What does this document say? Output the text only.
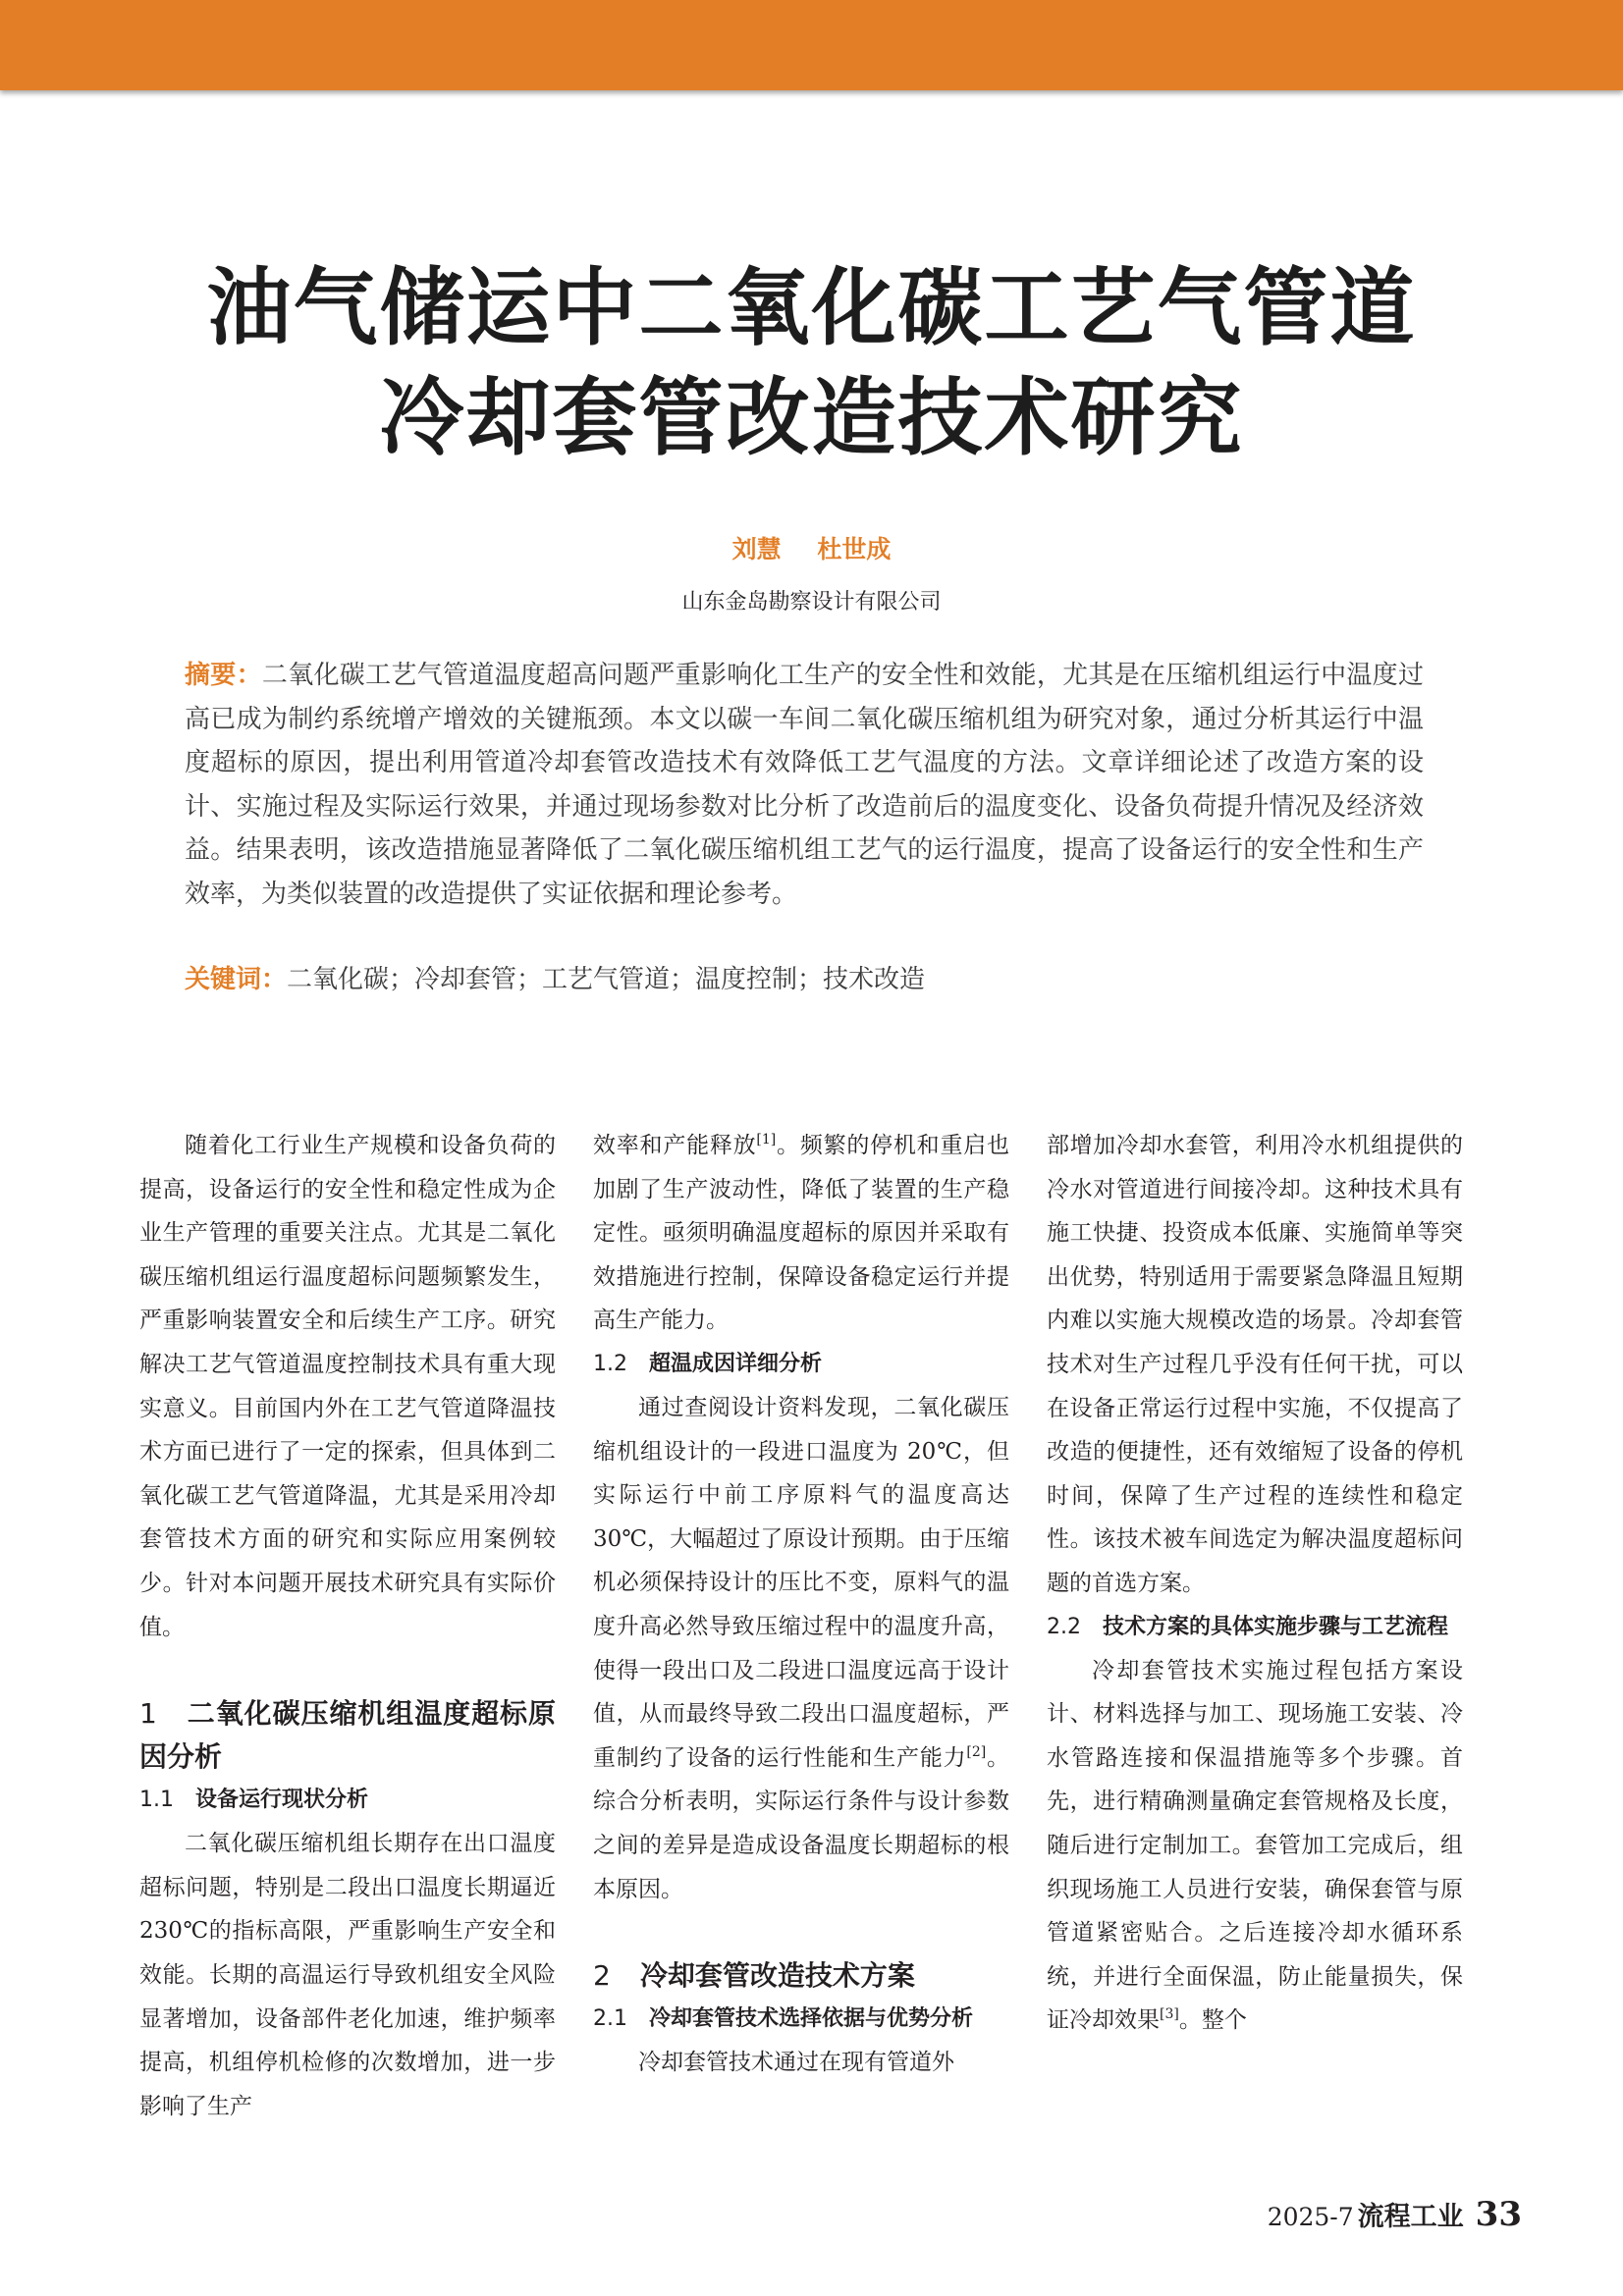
油气储运中二氧化碳工艺气管道
冷却套管改造技术研究
刘慧 杜世成
山东金岛勘察设计有限公司

摘要：二氧化碳工艺气管道温度超高问题严重影响化工生产的安全性和效能，尤其是在压缩机组运行中温度过高已成为制约系统增产增效的关键瓶颈。本文以碳一车间二氧化碳压缩机组为研究对象，通过分析其运行中温度超标的原因，提出利用管道冷却套管改造技术有效降低工艺气温度的方法。文章详细论述了改造方案的设计、实施过程及实际运行效果，并通过现场参数对比分析了改造前后的温度变化、设备负荷提升情况及经济效益。结果表明，该改造措施显著降低了二氧化碳压缩机组工艺气的运行温度，提高了设备运行的安全性和生产效率，为类似装置的改造提供了实证依据和理论参考。

关键词：二氧化碳；冷却套管；工艺气管道；温度控制；技术改造

随着化工行业生产规模和设备负荷的提高，设备运行的安全性和稳定性成为企业生产管理的重要关注点。尤其是二氧化碳压缩机组运行温度超标问题频繁发生，严重影响装置安全和后续生产工序。研究解决工艺气管道温度控制技术具有重大现实意义。目前国内外在工艺气管道降温技术方面已进行了一定的探索，但具体到二氧化碳工艺气管道降温，尤其是采用冷却套管技术方面的研究和实际应用案例较少。针对本问题开展技术研究具有实际价值。

1 二氧化碳压缩机组温度超标原因分析

1.1 设备运行现状分析

二氧化碳压缩机组长期存在出口温度超标问题，特别是二段出口温度长期逼近 230℃的指标高限，严重影响生产安全和效能。长期的高温运行导致机组安全风险显著增加，设备部件老化加速，维护频率提高，机组停机检修的次数增加，进一步影响了生产

效率和产能释放[1]。频繁的停机和重启也加剧了生产波动性，降低了装置的生产稳定性。亟须明确温度超标的原因并采取有效措施进行控制，保障设备稳定运行并提高生产能力。

1.2 超温成因详细分析

通过查阅设计资料发现，二氧化碳压缩机组设计的一段进口温度为 20℃，但实际运行中前工序原料气的温度高达 30℃，大幅超过了原设计预期。由于压缩机必须保持设计的压比不变，原料气的温度升高必然导致压缩过程中的温度升高，使得一段出口及二段进口温度远高于设计值，从而最终导致二段出口温度超标，严重制约了设备的运行性能和生产能力[2]。综合分析表明，实际运行条件与设计参数之间的差异是造成设备温度长期超标的根本原因。

2 冷却套管改造技术方案

2.1 冷却套管技术选择依据与优势分析

冷却套管技术通过在现有管道外

部增加冷却水套管，利用冷水机组提供的冷水对管道进行间接冷却。这种技术具有施工快捷、投资成本低廉、实施简单等突出优势，特别适用于需要紧急降温且短期内难以实施大规模改造的场景。冷却套管技术对生产过程几乎没有任何干扰，可以在设备正常运行过程中实施，不仅提高了改造的便捷性，还有效缩短了设备的停机时间，保障了生产过程的连续性和稳定性。该技术被车间选定为解决温度超标问题的首选方案。

2.2 技术方案的具体实施步骤与工艺流程

冷却套管技术实施过程包括方案设计、材料选择与加工、现场施工安装、冷水管路连接和保温措施等多个步骤。首先，进行精确测量确定套管规格及长度，随后进行定制加工。套管加工完成后，组织现场施工人员进行安装，确保套管与原管道紧密贴合。之后连接冷却水循环系统，并进行全面保温，防止能量损失，保证冷却效果[3]。整个

2025-7 流程工业 33
